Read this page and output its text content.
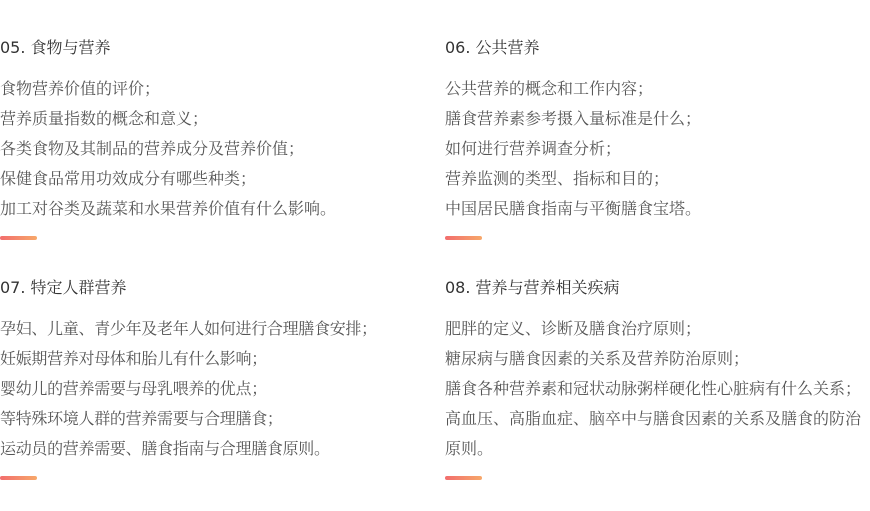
05. 食物与营养
食物营养价值的评价；
营养质量指数的概念和意义；
各类食物及其制品的营养成分及营养价值；
保健食品常用功效成分有哪些种类；
加工对谷类及蔬菜和水果营养价值有什么影响。
06. 公共营养
公共营养的概念和工作内容；
膳食营养素参考摄入量标准是什么；
如何进行营养调查分析；
营养监测的类型、指标和目的；
中国居民膳食指南与平衡膳食宝塔。
07. 特定人群营养
孕妇、儿童、青少年及老年人如何进行合理膳食安排；
妊娠期营养对母体和胎儿有什么影响；
婴幼儿的营养需要与母乳喂养的优点；
等特殊环境人群的营养需要与合理膳食；
运动员的营养需要、膳食指南与合理膳食原则。
08. 营养与营养相关疾病
肥胖的定义、诊断及膳食治疗原则；
糖尿病与膳食因素的关系及营养防治原则；
膳食各种营养素和冠状动脉粥样硬化性心脏病有什么关系；
高血压、高脂血症、脑卒中与膳食因素的关系及膳食的防治原则。
